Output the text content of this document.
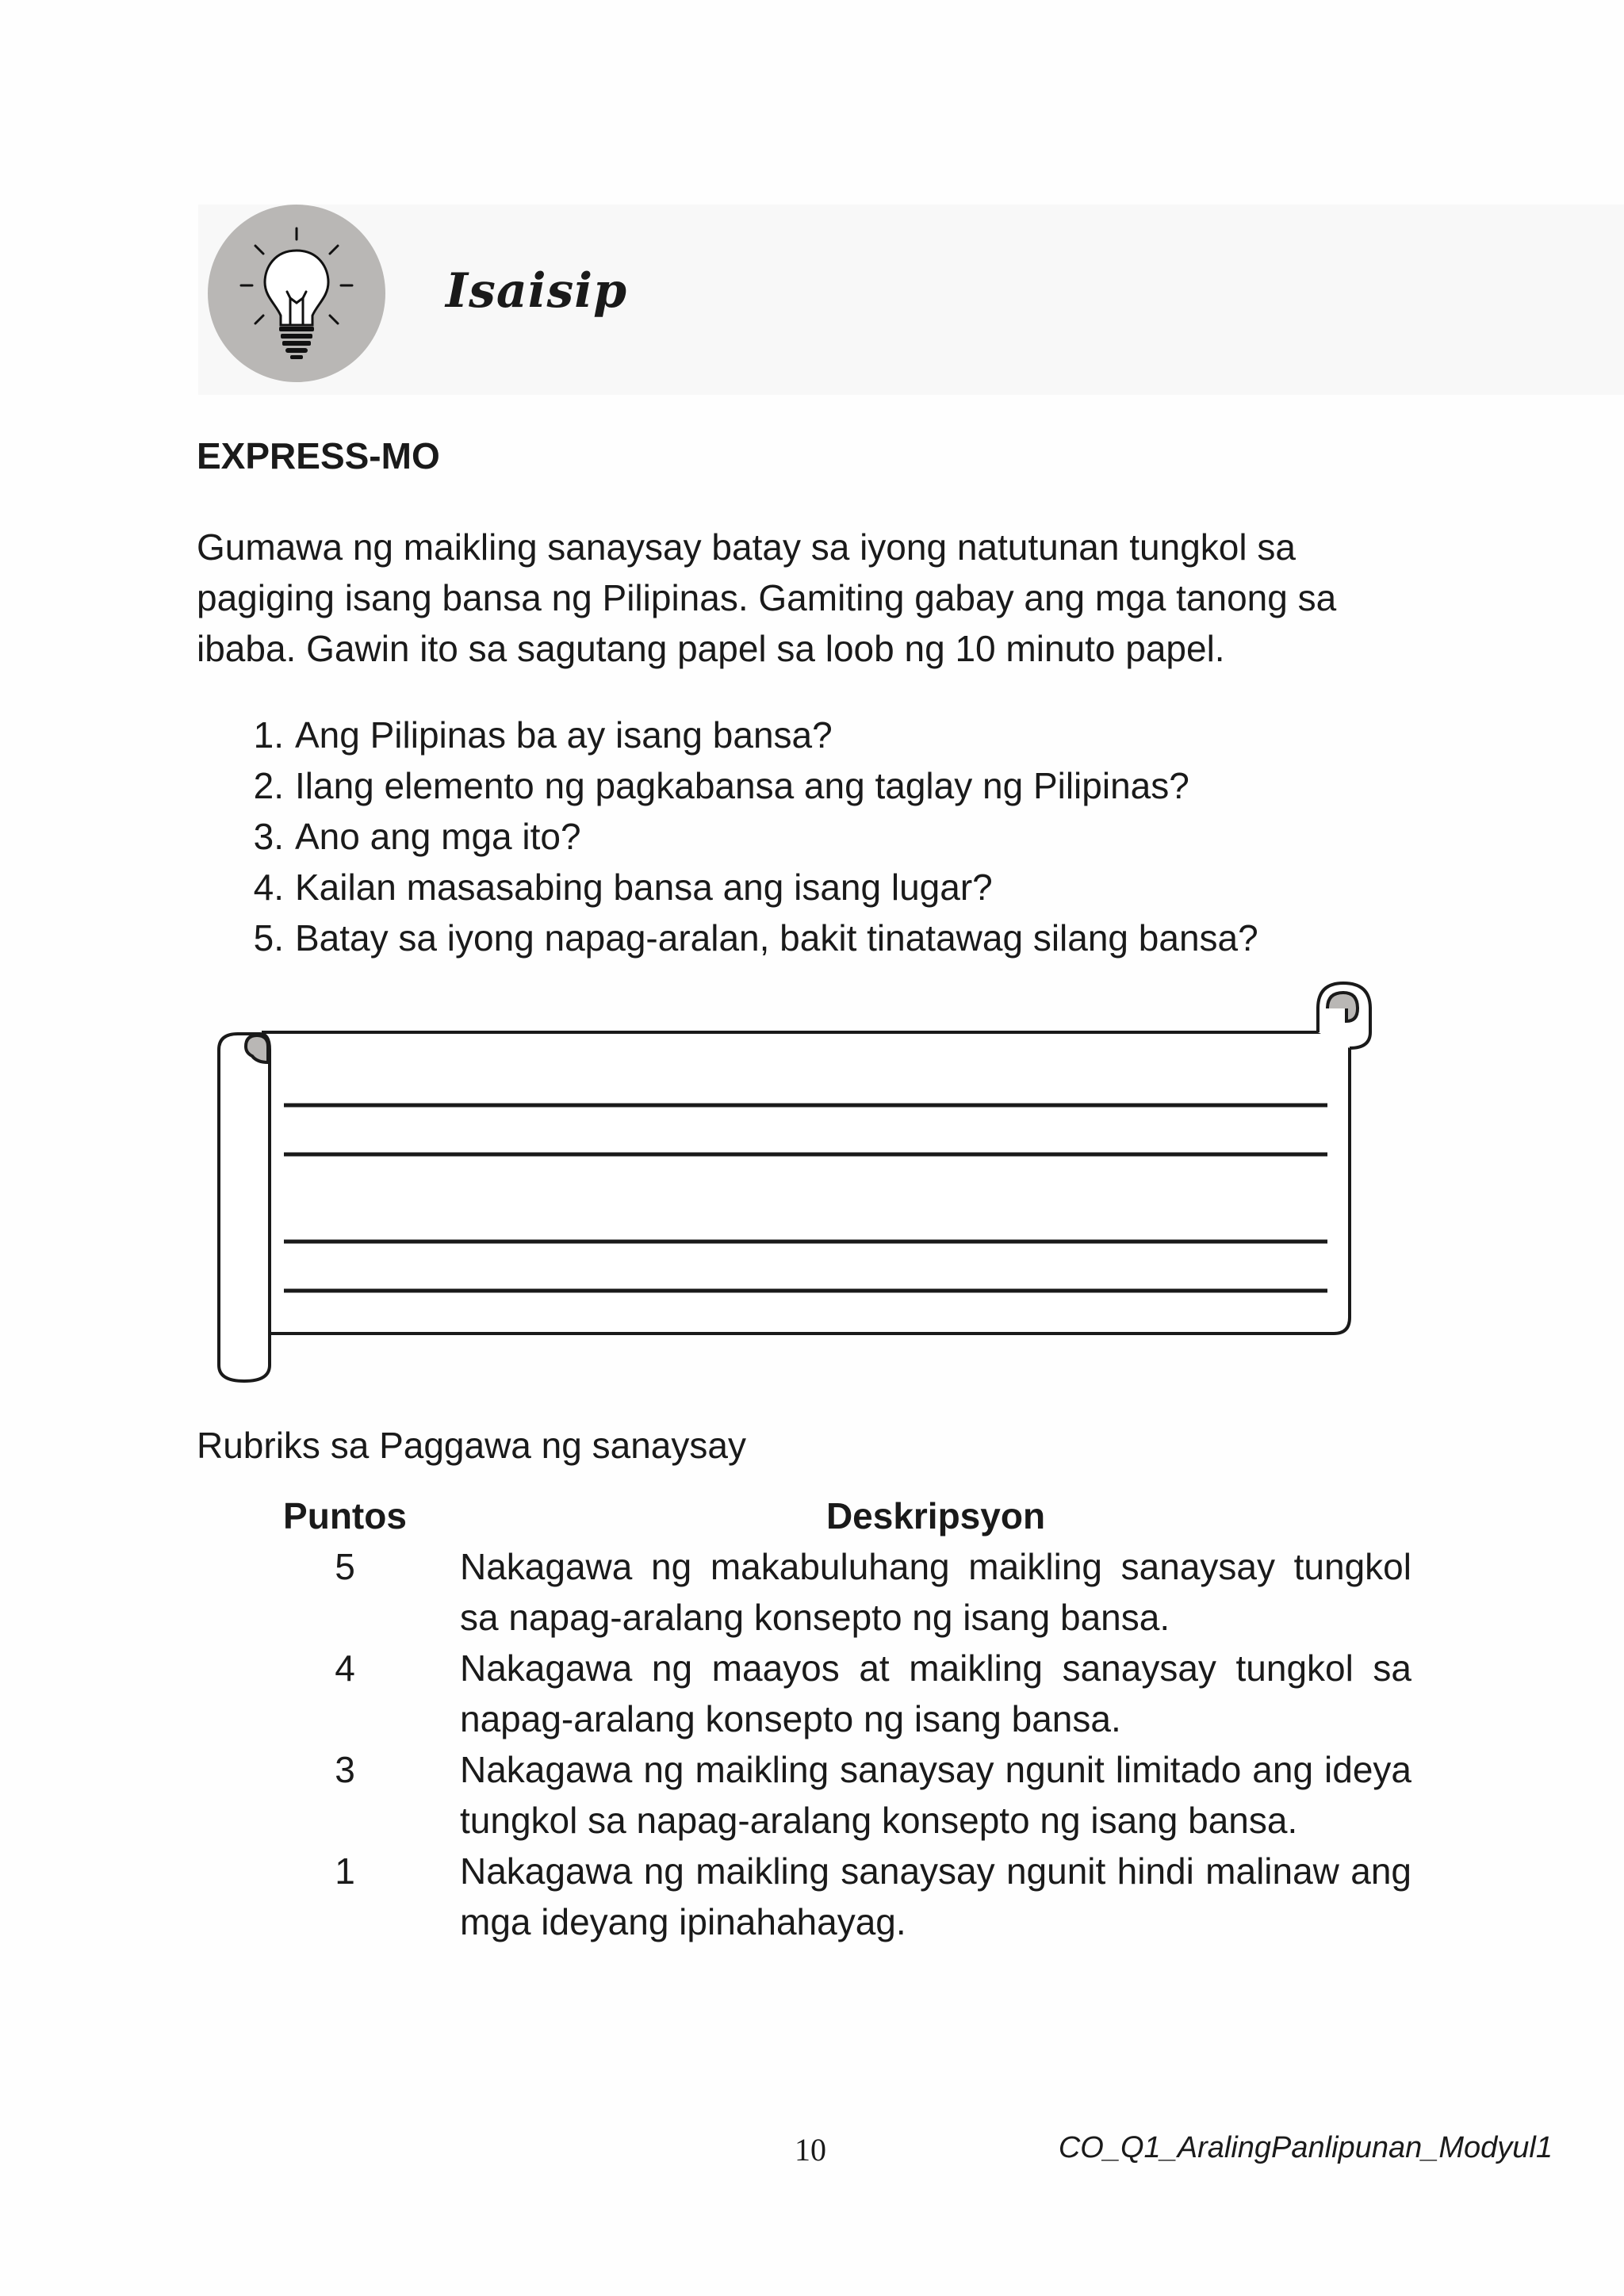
Isaisip
EXPRESS-MO
Gumawa ng maikling sanaysay batay sa iyong natutunan tungkol sa pagiging isang bansa ng Pilipinas. Gamiting gabay ang mga tanong sa ibaba. Gawin ito sa sagutang papel sa loob ng 10 minuto papel.
1. Ang Pilipinas ba ay isang bansa?
2. Ilang elemento ng pagkabansa ang taglay ng Pilipinas?
3. Ano ang mga ito?
4. Kailan masasabing bansa ang isang lugar?
5. Batay sa iyong napag-aralan, bakit tinatawag silang bansa?
Rubriks sa Paggawa ng sanaysay
Puntos	Deskripsyon
5	Nakagawa ng makabuluhang maikling sanaysay tungkol sa napag-aralang konsepto ng isang bansa.
4	Nakagawa ng maayos at maikling sanaysay tungkol sa napag-aralang konsepto ng isang bansa.
3	Nakagawa ng maikling sanaysay ngunit limitado ang ideya tungkol sa napag-aralang konsepto ng isang bansa.
1	Nakagawa ng maikling sanaysay ngunit hindi malinaw ang mga ideyang ipinahahayag.
10	CO_Q1_AralingPanlipunan_Modyul1
